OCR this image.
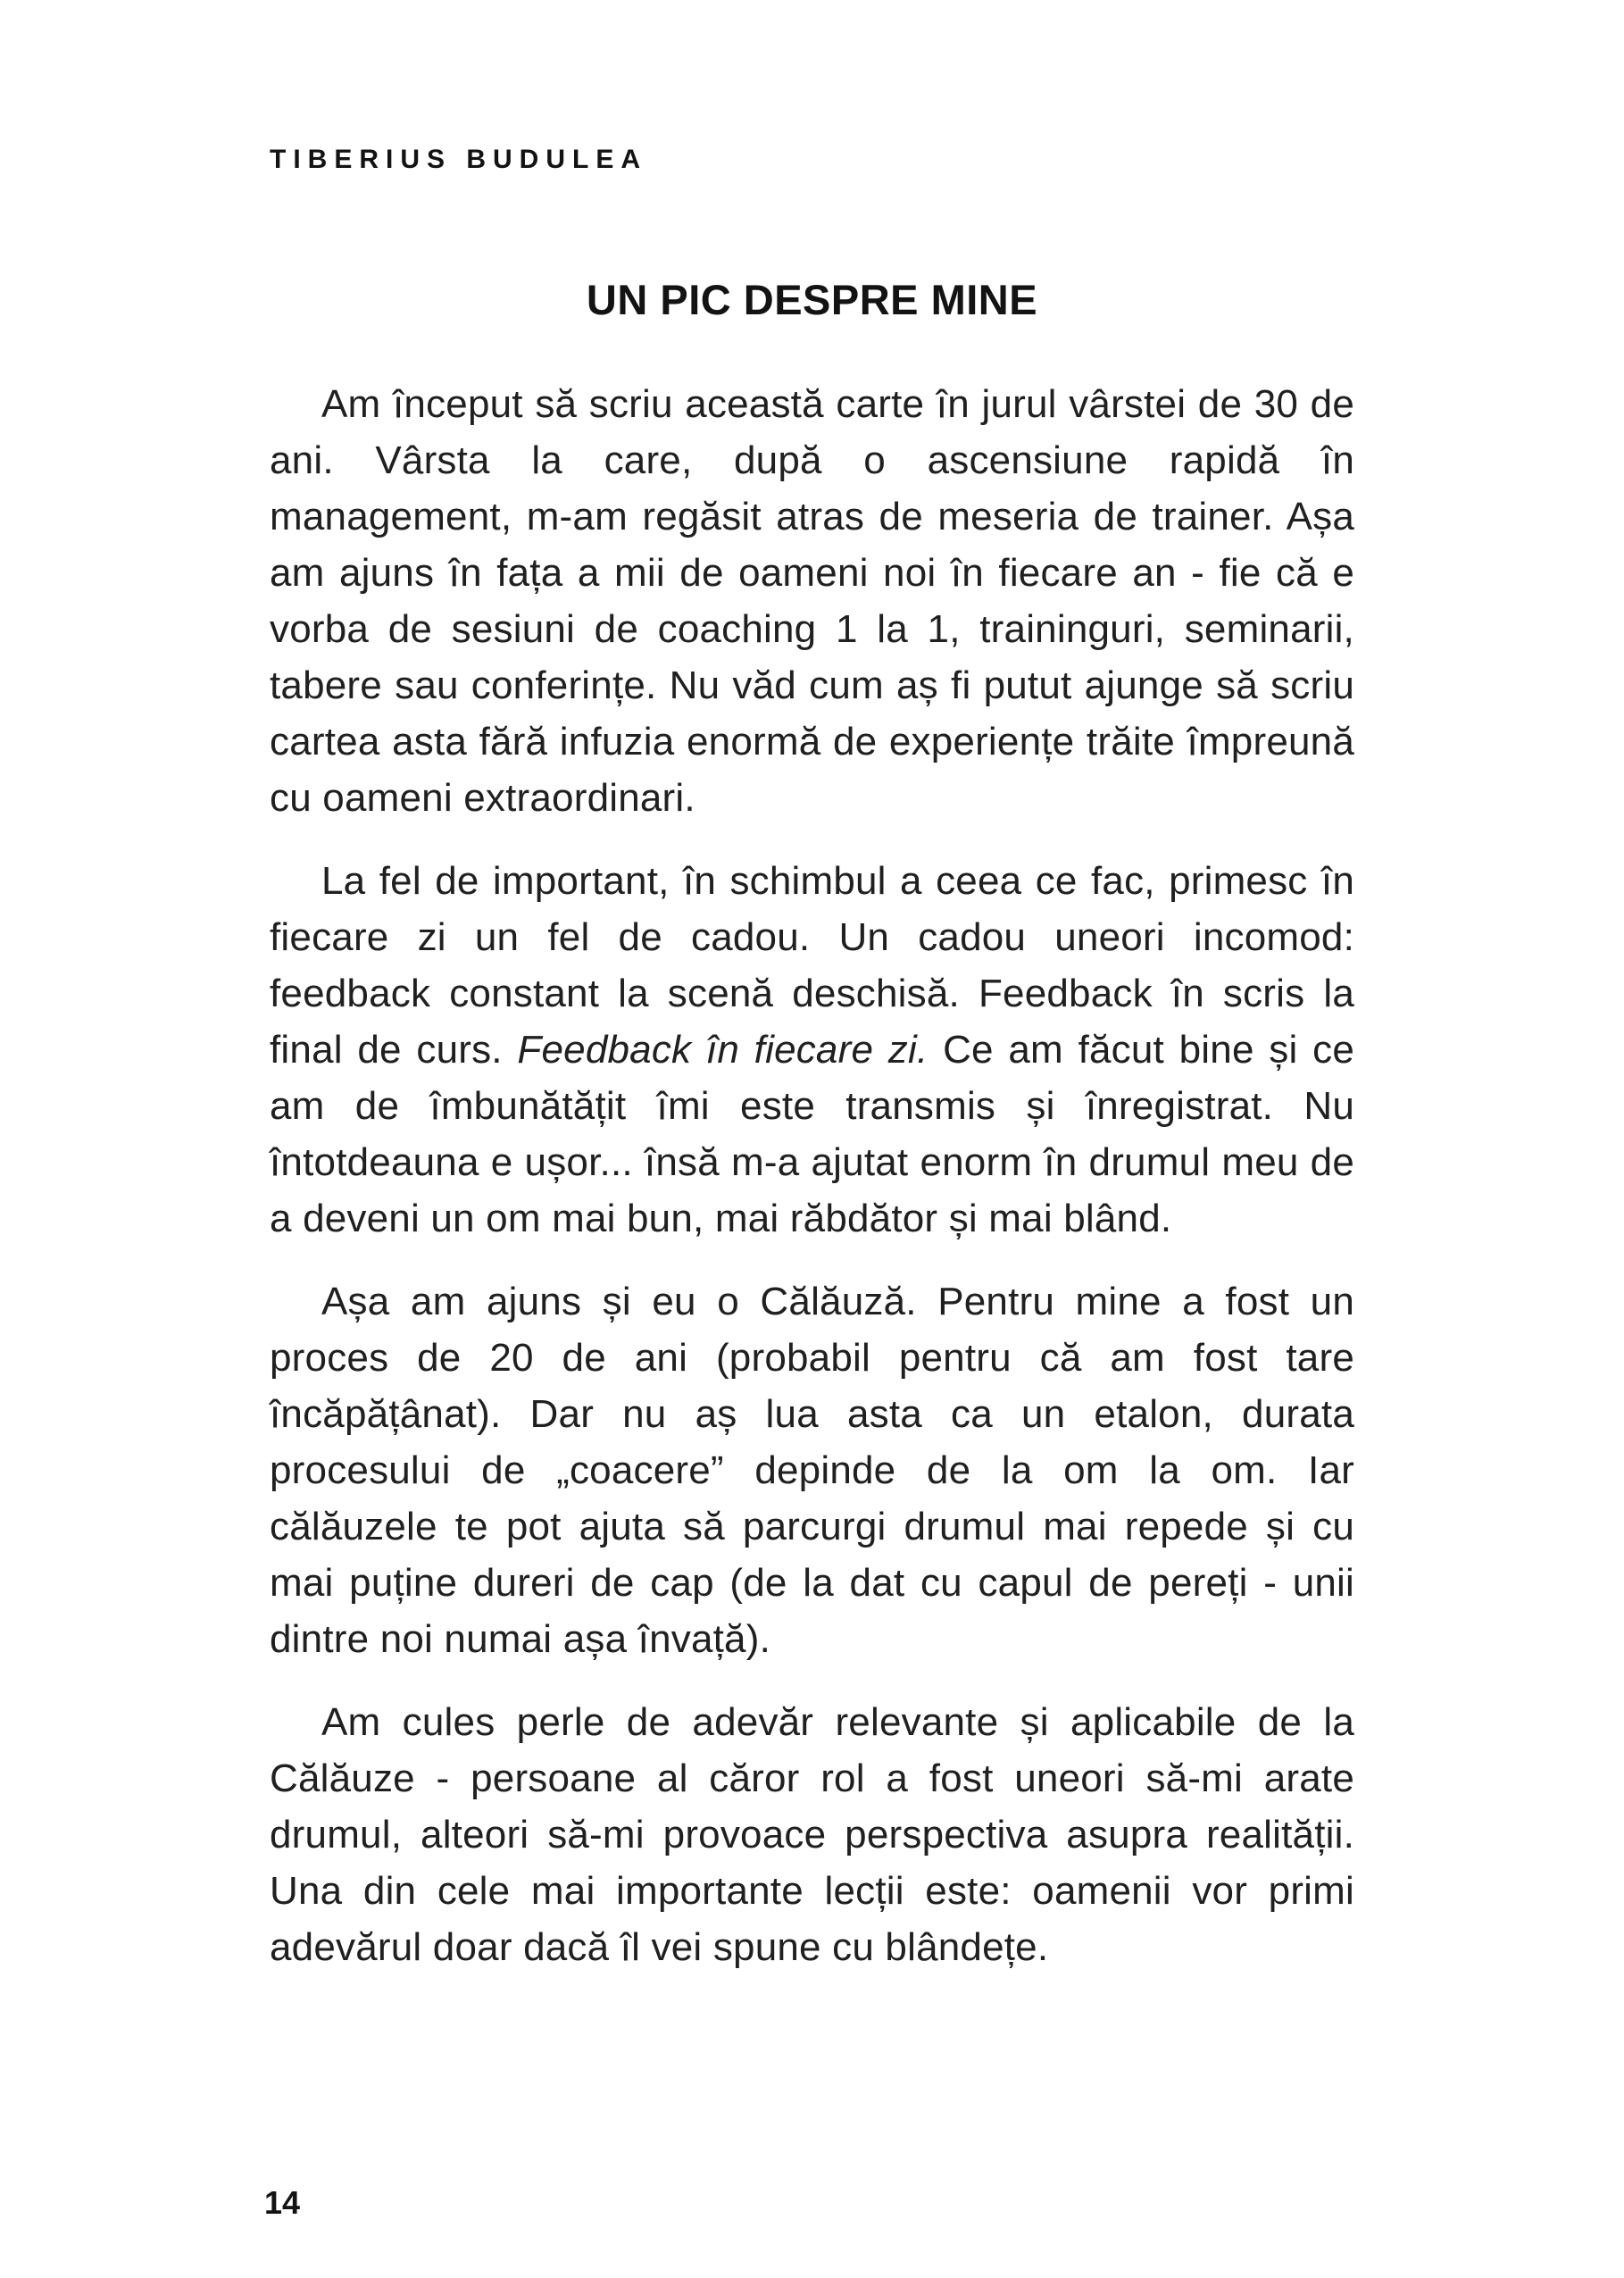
TIBERIUS BUDULEA
UN PIC DESPRE MINE

Am început să scriu această carte în jurul vârstei de 30 de ani. Vârsta la care, după o ascensiune rapidă în management, m-am regăsit atras de meseria de trainer. Așa am ajuns în fața a mii de oameni noi în fiecare an - fie că e vorba de sesiuni de coaching 1 la 1, traininguri, seminarii, tabere sau conferințe. Nu văd cum aș fi putut ajunge să scriu cartea asta fără infuzia enormă de experiențe trăite împreună cu oameni extraordinari.

La fel de important, în schimbul a ceea ce fac, primesc în fiecare zi un fel de cadou. Un cadou uneori incomod: feedback constant la scenă deschisă. Feedback în scris la final de curs. Feedback în fiecare zi. Ce am făcut bine și ce am de îmbunătățit îmi este transmis și înregistrat. Nu întotdeauna e ușor... însă m-a ajutat enorm în drumul meu de a deveni un om mai bun, mai răbdător și mai blând.

Așa am ajuns și eu o Călăuză. Pentru mine a fost un proces de 20 de ani (probabil pentru că am fost tare încăpățânat). Dar nu aș lua asta ca un etalon, durata procesului de „coacere” depinde de la om la om. Iar călăuzele te pot ajuta să parcurgi drumul mai repede și cu mai puține dureri de cap (de la dat cu capul de pereți - unii dintre noi numai așa învață).

Am cules perle de adevăr relevante și aplicabile de la Călăuze - persoane al căror rol a fost uneori să-mi arate drumul, alteori să-mi provoace perspectiva asupra realității. Una din cele mai importante lecții este: oamenii vor primi adevărul doar dacă îl vei spune cu blândețe.

14
